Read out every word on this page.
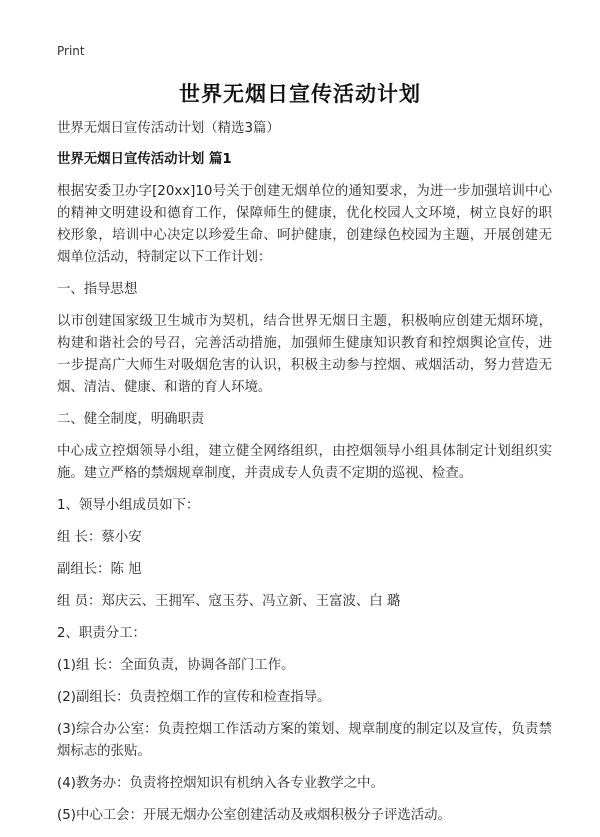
Print
世界无烟日宣传活动计划

世界无烟日宣传活动计划（精选3篇）

世界无烟日宣传活动计划 篇1

根据安委卫办字[20xx]10号关于创建无烟单位的通知要求，为进一步加强培训中心的精神文明建设和德育工作，保障师生的健康，优化校园人文环境，树立良好的职校形象，培训中心决定以珍爱生命、呵护健康，创建绿色校园为主题，开展创建无烟单位活动，特制定以下工作计划：

一、指导思想

以市创建国家级卫生城市为契机，结合世界无烟日主题，积极响应创建无烟环境，构建和谐社会的号召，完善活动措施，加强师生健康知识教育和控烟舆论宣传，进一步提高广大师生对吸烟危害的认识，积极主动参与控烟、戒烟活动，努力营造无烟、清洁、健康、和谐的育人环境。

二、健全制度，明确职责

中心成立控烟领导小组，建立健全网络组织，由控烟领导小组具体制定计划组织实施。建立严格的禁烟规章制度，并责成专人负责不定期的巡视、检查。

1、领导小组成员如下：

组 长：蔡小安

副组长：陈 旭

组 员：郑庆云、王拥军、寇玉芬、冯立新、王富波、白 璐

2、职责分工：

(1)组 长：全面负责，协调各部门工作。

(2)副组长：负责控烟工作的宣传和检查指导。

(3)综合办公室：负责控烟工作活动方案的策划、规章制度的制定以及宣传，负责禁烟标志的张贴。

(4)教务办：负责将控烟知识有机纳入各专业教学之中。

(5)中心工会：开展无烟办公室创建活动及戒烟积极分子评选活动。
